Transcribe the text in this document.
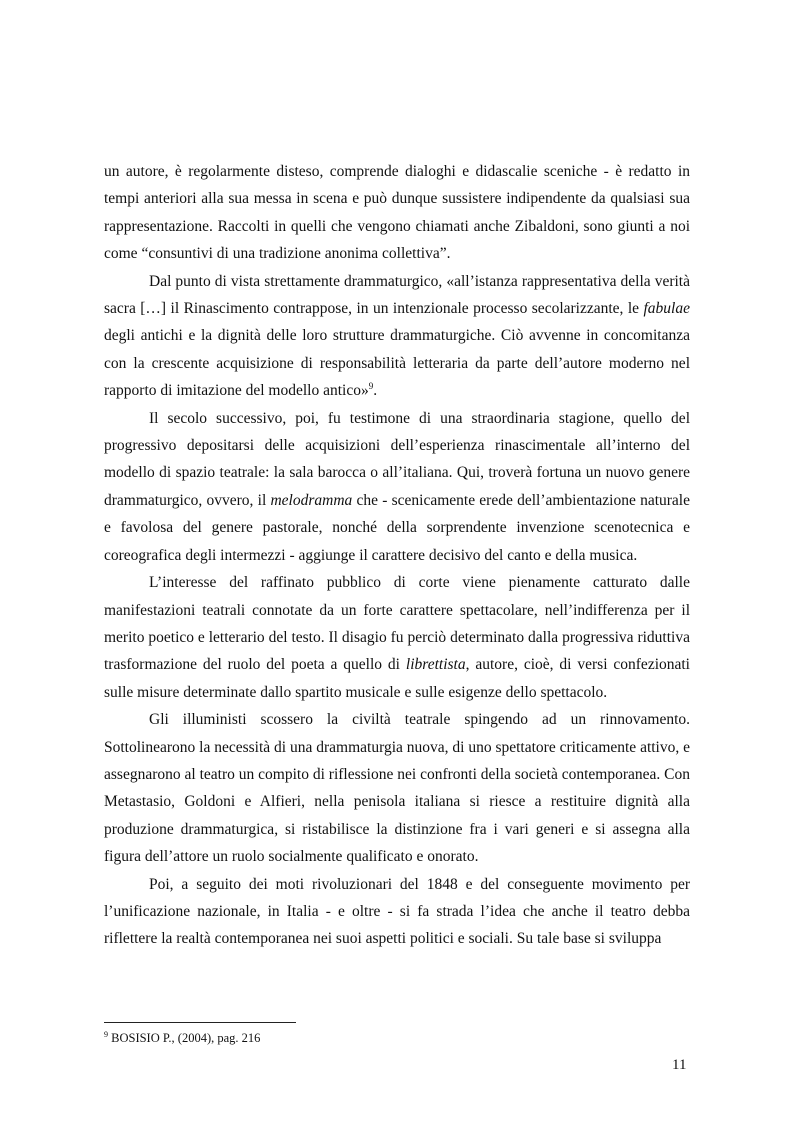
un autore, è regolarmente disteso, comprende dialoghi e didascalie sceniche - è redatto in tempi anteriori alla sua messa in scena e può dunque sussistere indipendente da qualsiasi sua rappresentazione. Raccolti in quelli che vengono chiamati anche Zibaldoni, sono giunti a noi come “consuntivi di una tradizione anonima collettiva”.

Dal punto di vista strettamente drammaturgico, «all’istanza rappresentativa della verità sacra […] il Rinascimento contrappose, in un intenzionale processo secolarizzante, le fabulae degli antichi e la dignità delle loro strutture drammaturgiche. Ciò avvenne in concomitanza con la crescente acquisizione di responsabilità letteraria da parte dell’autore moderno nel rapporto di imitazione del modello antico»$^9$.

Il secolo successivo, poi, fu testimone di una straordinaria stagione, quello del progressivo depositarsi delle acquisizioni dell’esperienza rinascimentale all’interno del modello di spazio teatrale: la sala barocca o all’italiana. Qui, troverà fortuna un nuovo genere drammaturgico, ovvero, il melodramma che - scenicamente erede dell’ambientazione naturale e favolosa del genere pastorale, nonché della sorprendente invenzione scenotecnica e coreografica degli intermezzi - aggiunge il carattere decisivo del canto e della musica.

L’interesse del raffinato pubblico di corte viene pienamente catturato dalle manifestazioni teatrali connotate da un forte carattere spettacolare, nell’indifferenza per il merito poetico e letterario del testo. Il disagio fu perciò determinato dalla progressiva riduttiva trasformazione del ruolo del poeta a quello di librettista, autore, cioè, di versi confezionati sulle misure determinate dallo spartito musicale e sulle esigenze dello spettacolo.

Gli illuministi scossero la civiltà teatrale spingendo ad un rinnovamento. Sottolinearono la necessità di una drammaturgia nuova, di uno spettatore criticamente attivo, e assegnarono al teatro un compito di riflessione nei confronti della società contemporanea. Con Metastasio, Goldoni e Alfieri, nella penisola italiana si riesce a restituire dignità alla produzione drammaturgica, si ristabilisce la distinzione fra i vari generi e si assegna alla figura dell’attore un ruolo socialmente qualificato e onorato.

Poi, a seguito dei moti rivoluzionari del 1848 e del conseguente movimento per l’unificazione nazionale, in Italia - e oltre - si fa strada l’idea che anche il teatro debba riflettere la realtà contemporanea nei suoi aspetti politici e sociali. Su tale base si sviluppa

$^9$ BOSISIO P., (2004), pag. 216
11
